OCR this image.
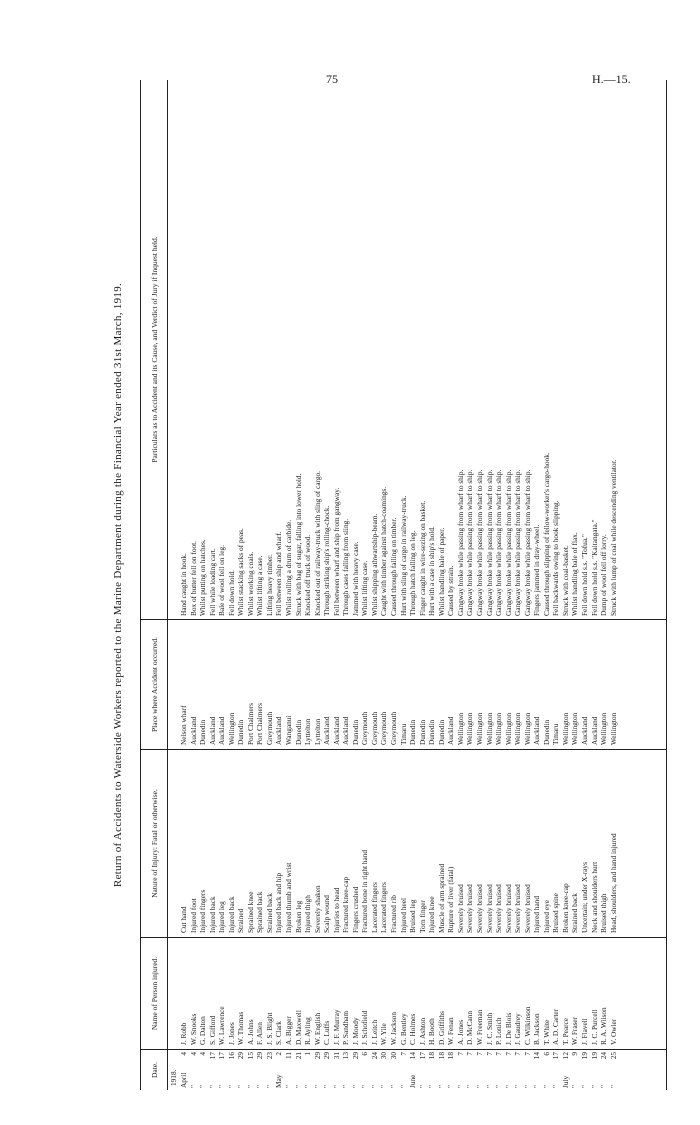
75	H.—15.
Return of Accidents to Waterside Workers reported to the Marine Department during the Financial Year ended 31st March, 1919.
Date.
Name of Person injured.
Nature of Injury: Fatal or otherwise.
Place where Accident occurred.
Particulars as to Accident and its Cause, and Verdict of Jury if Inquest held.
1918. April
4
J. Robb
Cut hand
Nelson wharf
Hand caught in hook.
"
4
W. Snooks
Injured foot
Auckland
Box of butter fell on foot.
"
4
G. Dalton
Injured fingers
Dunedin
Whilst putting on hatches.
"
17
S. Gifford
Injured back
Auckland
Fell while loading cart.
"
17
W. Lawrence
Injured leg
Auckland
Bale of wool fell on leg.
"
16
J. Jones
Injured back
Wellington
Fell down hold.
"
29
W. Thomas
Strained
Dunedin
Whilst stacking sacks of peas.
"
15
A. Johns
Sprained knee
Port Chalmers
Whilst working coals.
"
29
F. Allen
Sprained back
Port Chalmers
Whilst lifting a case.
"
23
J. S. Blight
Strained back
Greymouth
Lifting heavy timber.
May
2
S. Clark
Injured back and hip
Auckland
Fell between ship and wharf.
"
11
A. Bigger
Injured thumb and wrist
Wanganui
Whilst rolling a drum of carbide.
"
21
D. Maxwell
Broken leg
Dunedin
Struck with bag of sugar, falling into lower hold.
"
1
R. Ayling
Injured thigh
Lyttelton
Knocked off truck of wood.
"
29
W. English
Severely shaken
Lyttelton
Knocked out of railway-truck with sling of cargo.
"
29
C. Luffs
Scalp wound
Auckland
Through striking ship's rolling-chock.
"
31
J. F. Murray
Injuries to head
Auckland
Fell between wharf and ship from gangway.
"
13
P. Sandham
Fractured knee-cap
Auckland
Through cases falling from sling.
"
29
J. Moody
Fingers crushed
Dunedin
Jammed with heavy case.
"
6
J. Schofield
Fractured bone in right hand
Greymouth
Whilst lifting case.
"
24
J. Leitch
Lacerated fingers
Greymouth
Whilst shipping athwartship-beam.
"
30
W. Yile
Lacerated fingers
Greymouth
Caught with timber against hatch-coamings.
"
30
W. Jackson
Fractured rib
Greymouth
Caused through falling on timber.
"
7
G. Bentley
Injured heel
Timaru
Hurt with sling of cargo in railway-truck.
June
14
C. Holmes
Bruised leg
Dunedin
Through hatch falling on leg.
"
17
J. Ashton
Torn finger
Dunedin
Finger caught in wire-sezing on basket.
"
18
H. Booth
Injured knee
Dunedin
Hurt with a case in ship's hold.
"
18
D. Griffiths
Muscle of arm sprained
Dunedin
Whilst handling bale of paper.
"
18
W. Fenan
Rupture of liver (fatal)
Auckland
Caused by strain.
"
7
A. Jones
Severely bruised
Wellington
Gangway broke while passing from wharf to ship.
"
7
D. McCann
Severely bruised
Wellington
Gangway broke while passing from wharf to ship.
"
7
W. Freeman
Severely bruised
Wellington
Gangway broke while passing from wharf to ship.
"
7
J. C. Smith
Severely bruised
Wellington
Gangway broke while passing from wharf to ship.
"
7
P. Lonich
Severely bruised
Wellington
Gangway broke while passing from wharf to ship.
"
7
J. De Blois
Severely bruised
Wellington
Gangway broke while passing from wharf to ship.
"
7
J. Gaudrey
Severely bruised
Wellington
Gangway broke while passing from wharf to ship.
"
7
C. Wilkinson
Severely bruised
Wellington
Gangway broke while passing from wharf to ship.
"
14
B. Jackson
Injured hand
Auckland
Fingers jammed in dray-wheel.
"
6
T. White
Injured eye
Dunedin
Caused through slipping of fellow-worker's cargo-hook.
"
17
A. D. Carter
Bruised spine
Timaru
Fell backwards owing to hook slipping.
July
12
T. Pearce
Broken knee-cap
Wellington
Struck with coal-basket.
"
9
W. Fraser
Strained back
Wellington
Whilst handling bale of flax.
"
19
J. Flavell
Uncertain; under X-rays
Auckland
Fell down hold s.s. "Tofua."
"
19
J. C. Purcell
Neck and shoulders hurt
Auckland
Fell down hold s.s. "Kaitangata."
"
24
R. A. Wilson
Bruised thigh
Wellington
Dump of wool fell off lorry.
"
25
V. Owler
Head, shoulders, and hand injured
Wellington
Struck with lump of coal while descending ventilator.
